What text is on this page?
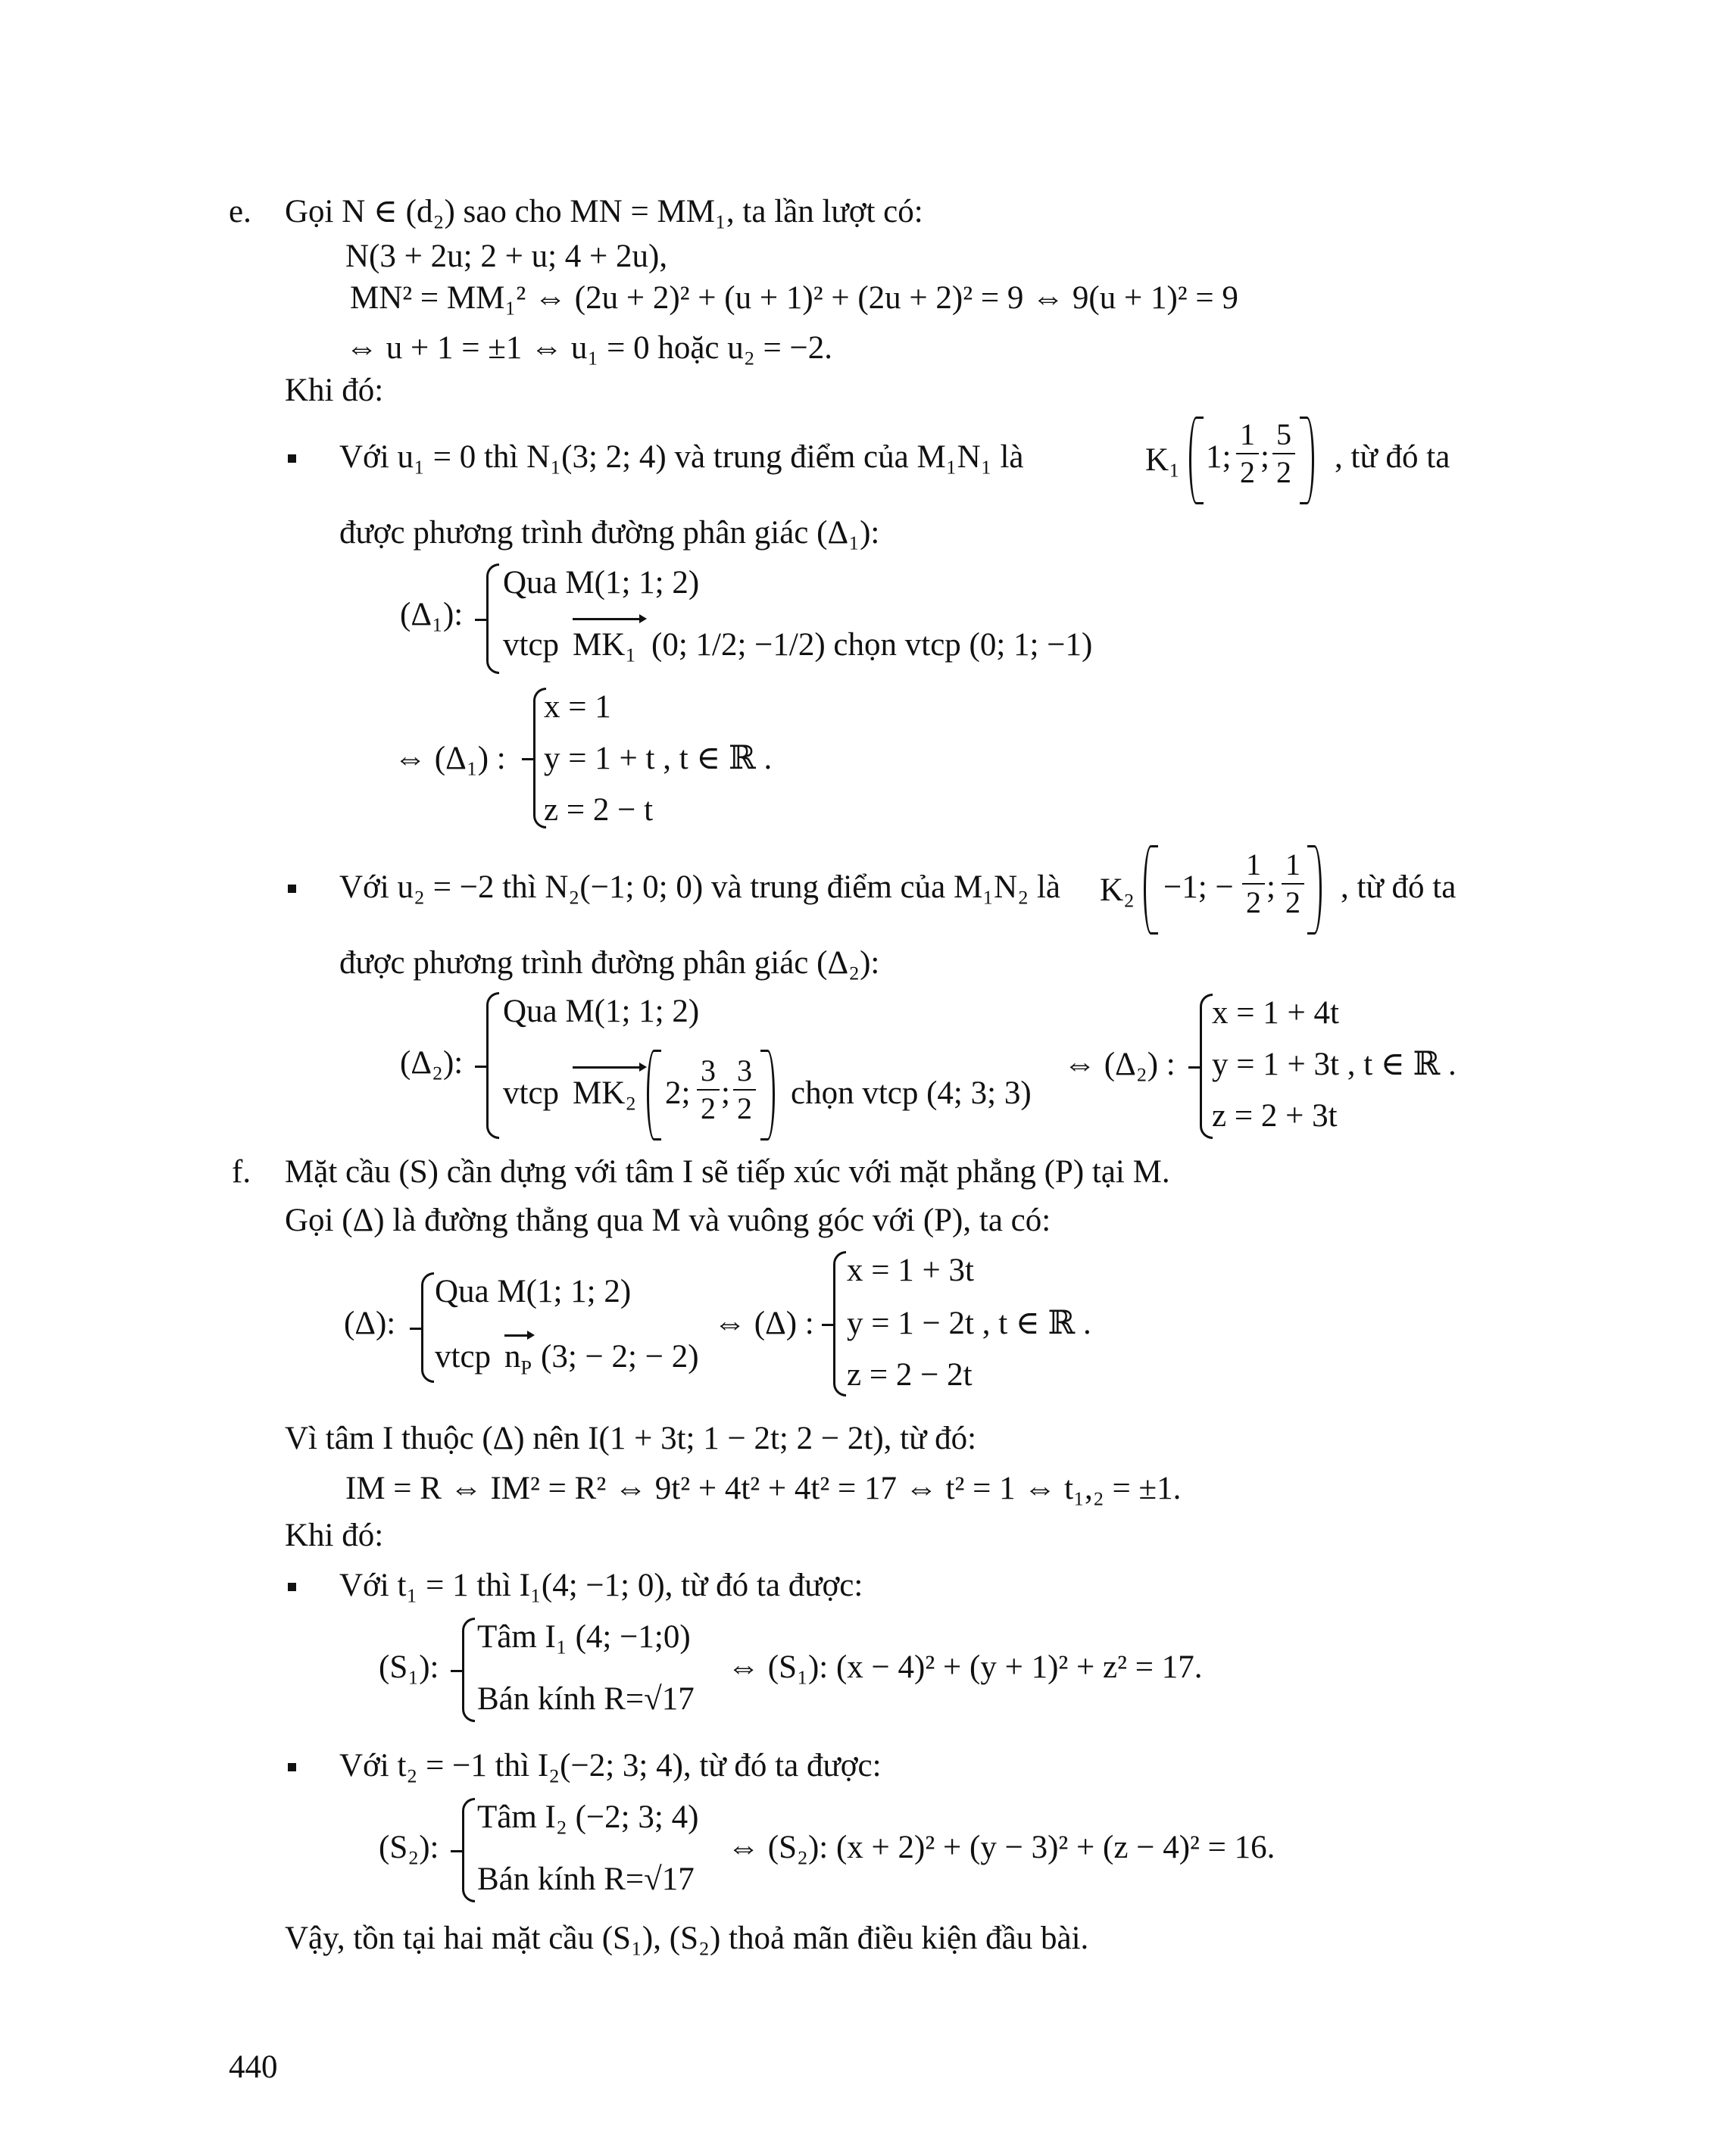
e. Gọi N ∈ (d₂) sao cho MN = MM₁, ta lần lượt có:
N(3 + 2u; 2 + u; 4 + 2u),
MN² = MM₁² ⇔ (2u + 2)² + (u + 1)² + (2u + 2)² = 9 ⇔ 9(u + 1)² = 9
⇔ u + 1 = ±1 ⇔ u₁ = 0 hoặc u₂ = −2.
Khi đó:
Với u₁ = 0 thì N₁(3; 2; 4) và trung điểm của M₁N₁ là	K₁ 1;
1
2 ;
5
2 , từ đó ta
được phương trình đường phân giác (Δ₁):
(Δ₁):
Qua M(1; 1; 2)
vtcp MK₁ (0; 1/2; −1/2) chọn vtcp (0; 1; −1)
⇔ (Δ₁) :
x = 1
y = 1 + t , t ∈ ℝ .
z = 2 − t
Với u₂ = −2 thì N₂(−1; 0; 0) và trung điểm của M₁N₂ là K₂ −1; −
1
2 ;
1
2 , từ đó ta
được phương trình đường phân giác (Δ₂):
(Δ₂):
Qua M(1; 1; 2)
vtcp MK₂ 2;
3
2 ;
3
2 chọn vtcp (4; 3; 3)
⇔ (Δ₂) :
x = 1 + 4t
y = 1 + 3t , t ∈ ℝ .
z = 2 + 3t
f. Mặt cầu (S) cần dựng với tâm I sẽ tiếp xúc với mặt phẳng (P) tại M.
Gọi (Δ) là đường thẳng qua M và vuông góc với (P), ta có:
(Δ):
Qua M(1; 1; 2)
vtcp $n_P$ (3; − 2; − 2)
⇔ (Δ) :
x = 1 + 3t
y = 1 − 2t , t ∈ ℝ .
z = 2 − 2t
Vì tâm I thuộc (Δ) nên I(1 + 3t; 1 − 2t; 2 − 2t), từ đó:
IM = R ⇔ IM² = R² ⇔ 9t² + 4t² + 4t² = 17 ⇔ t² = 1 ⇔ t₁,₂ = ±1.
Khi đó:
Với t₁ = 1 thì I₁(4; −1; 0), từ đó ta được:
(S₁):
Tâm I₁ (4; −1;0)
Bán kính R=√17
⇔ (S₁): (x − 4)² + (y + 1)² + z² = 17.
Với t₂ = −1 thì I₂(−2; 3; 4), từ đó ta được:
(S₂):
Tâm I₂ (−2; 3; 4)
Bán kính R=√17
⇔ (S₂): (x + 2)² + (y − 3)² + (z − 4)² = 16.
Vậy, tồn tại hai mặt cầu (S₁), (S₂) thoả mãn điều kiện đầu bài.
440
